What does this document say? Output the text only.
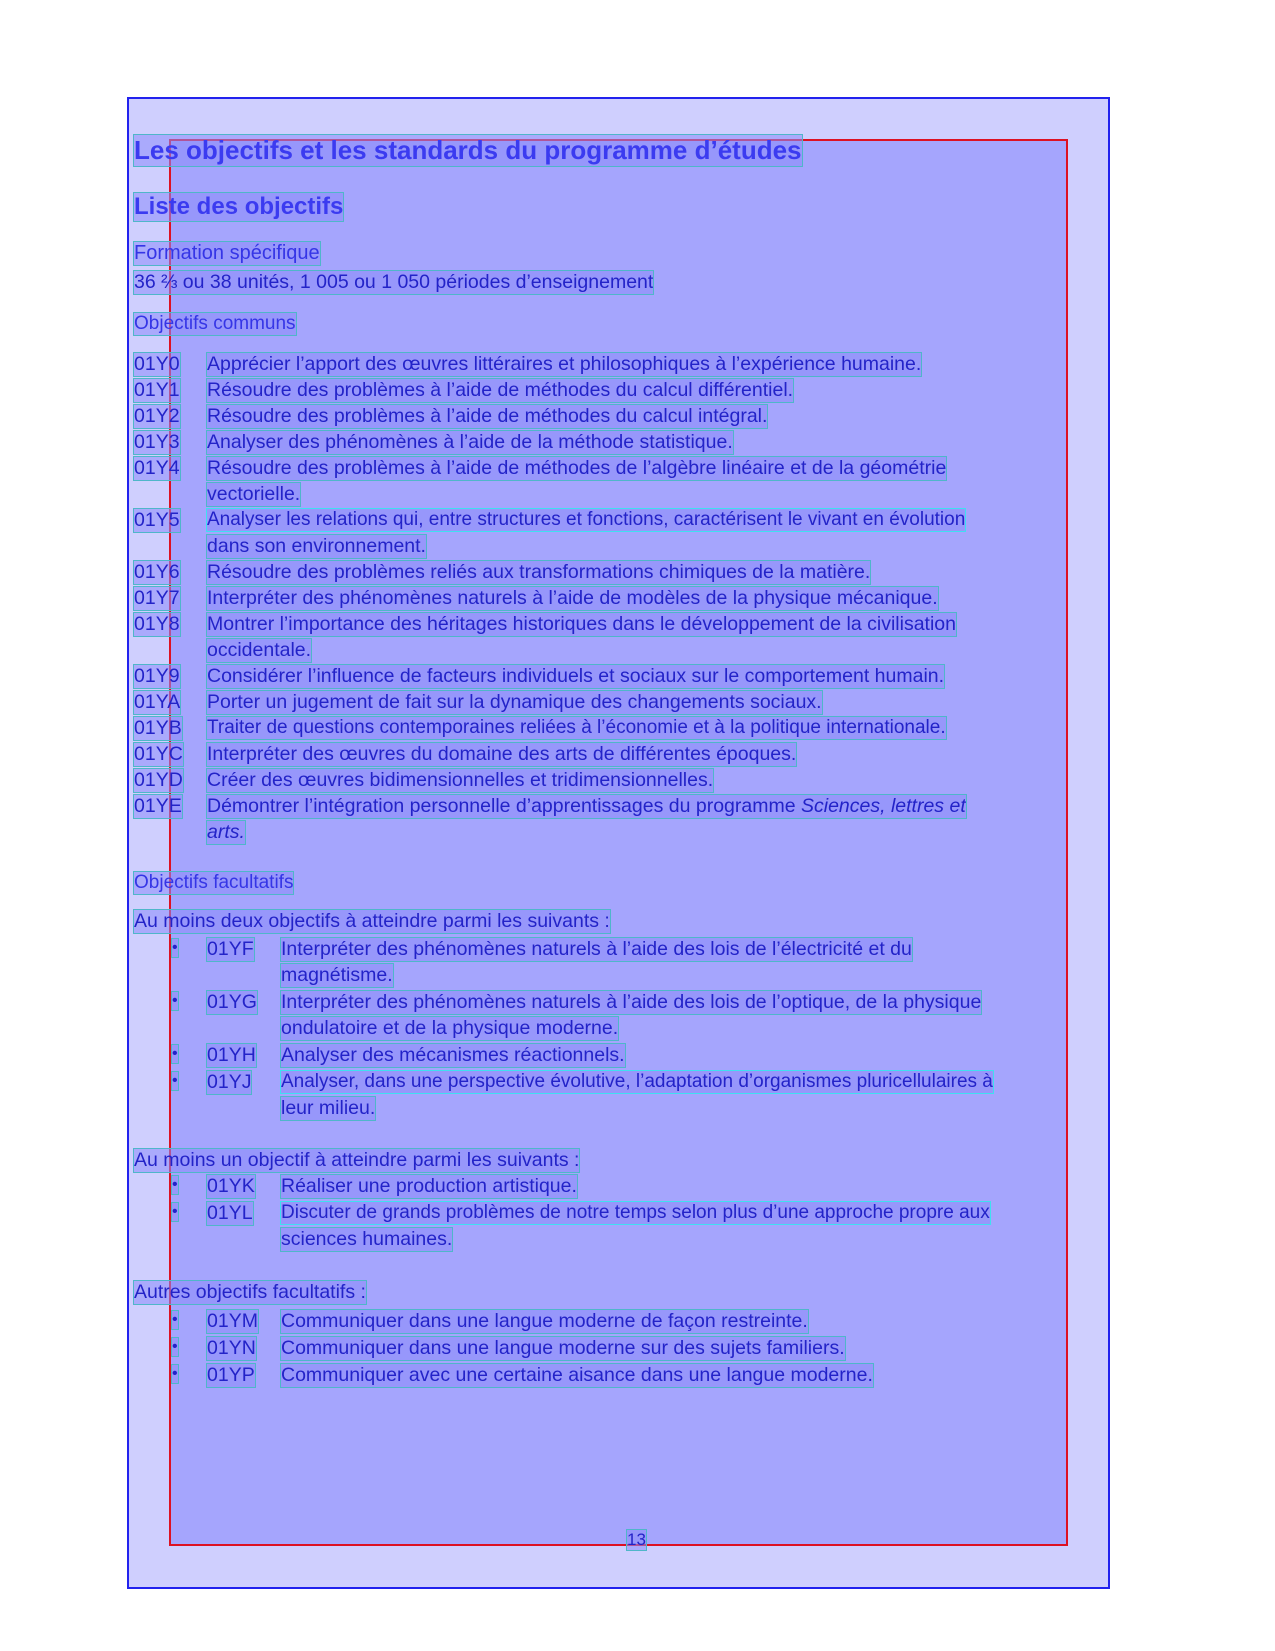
Les objectifs et les standards du programme d’études
Liste des objectifs
Formation spécifique
36 ⅔ ou 38 unités, 1 005 ou 1 050 périodes d’enseignement
Objectifs communs
01Y0 Apprécier l’apport des œuvres littéraires et philosophiques à l’expérience humaine.
01Y1 Résoudre des problèmes à l’aide de méthodes du calcul différentiel.
01Y2 Résoudre des problèmes à l’aide de méthodes du calcul intégral.
01Y3 Analyser des phénomènes à l’aide de la méthode statistique.
01Y4 Résoudre des problèmes à l’aide de méthodes de l’algèbre linéaire et de la géométrie
vectorielle.
01Y5 Analyser les relations qui, entre structures et fonctions, caractérisent le vivant en évolution
dans son environnement.
01Y6 Résoudre des problèmes reliés aux transformations chimiques de la matière.
01Y7 Interpréter des phénomènes naturels à l’aide de modèles de la physique mécanique.
01Y8 Montrer l’importance des héritages historiques dans le développement de la civilisation
occidentale.
01Y9 Considérer l’influence de facteurs individuels et sociaux sur le comportement humain.
01YA Porter un jugement de fait sur la dynamique des changements sociaux.
01YB Traiter de questions contemporaines reliées à l’économie et à la politique internationale.
01YC Interpréter des œuvres du domaine des arts de différentes époques.
01YD Créer des œuvres bidimensionnelles et tridimensionnelles.
01YE Démontrer l’intégration personnelle d’apprentissages du programme Sciences, lettres et
arts.
Objectifs facultatifs
Au moins deux objectifs à atteindre parmi les suivants :
• 01YF Interpréter des phénomènes naturels à l’aide des lois de l’électricité et du
magnétisme.
• 01YG Interpréter des phénomènes naturels à l’aide des lois de l’optique, de la physique
ondulatoire et de la physique moderne.
• 01YH Analyser des mécanismes réactionnels.
• 01YJ Analyser, dans une perspective évolutive, l’adaptation d’organismes pluricellulaires à
leur milieu.
Au moins un objectif à atteindre parmi les suivants :
• 01YK Réaliser une production artistique.
• 01YL Discuter de grands problèmes de notre temps selon plus d’une approche propre aux
sciences humaines.
Autres objectifs facultatifs :
• 01YM Communiquer dans une langue moderne de façon restreinte.
• 01YN Communiquer dans une langue moderne sur des sujets familiers.
• 01YP Communiquer avec une certaine aisance dans une langue moderne.
13
